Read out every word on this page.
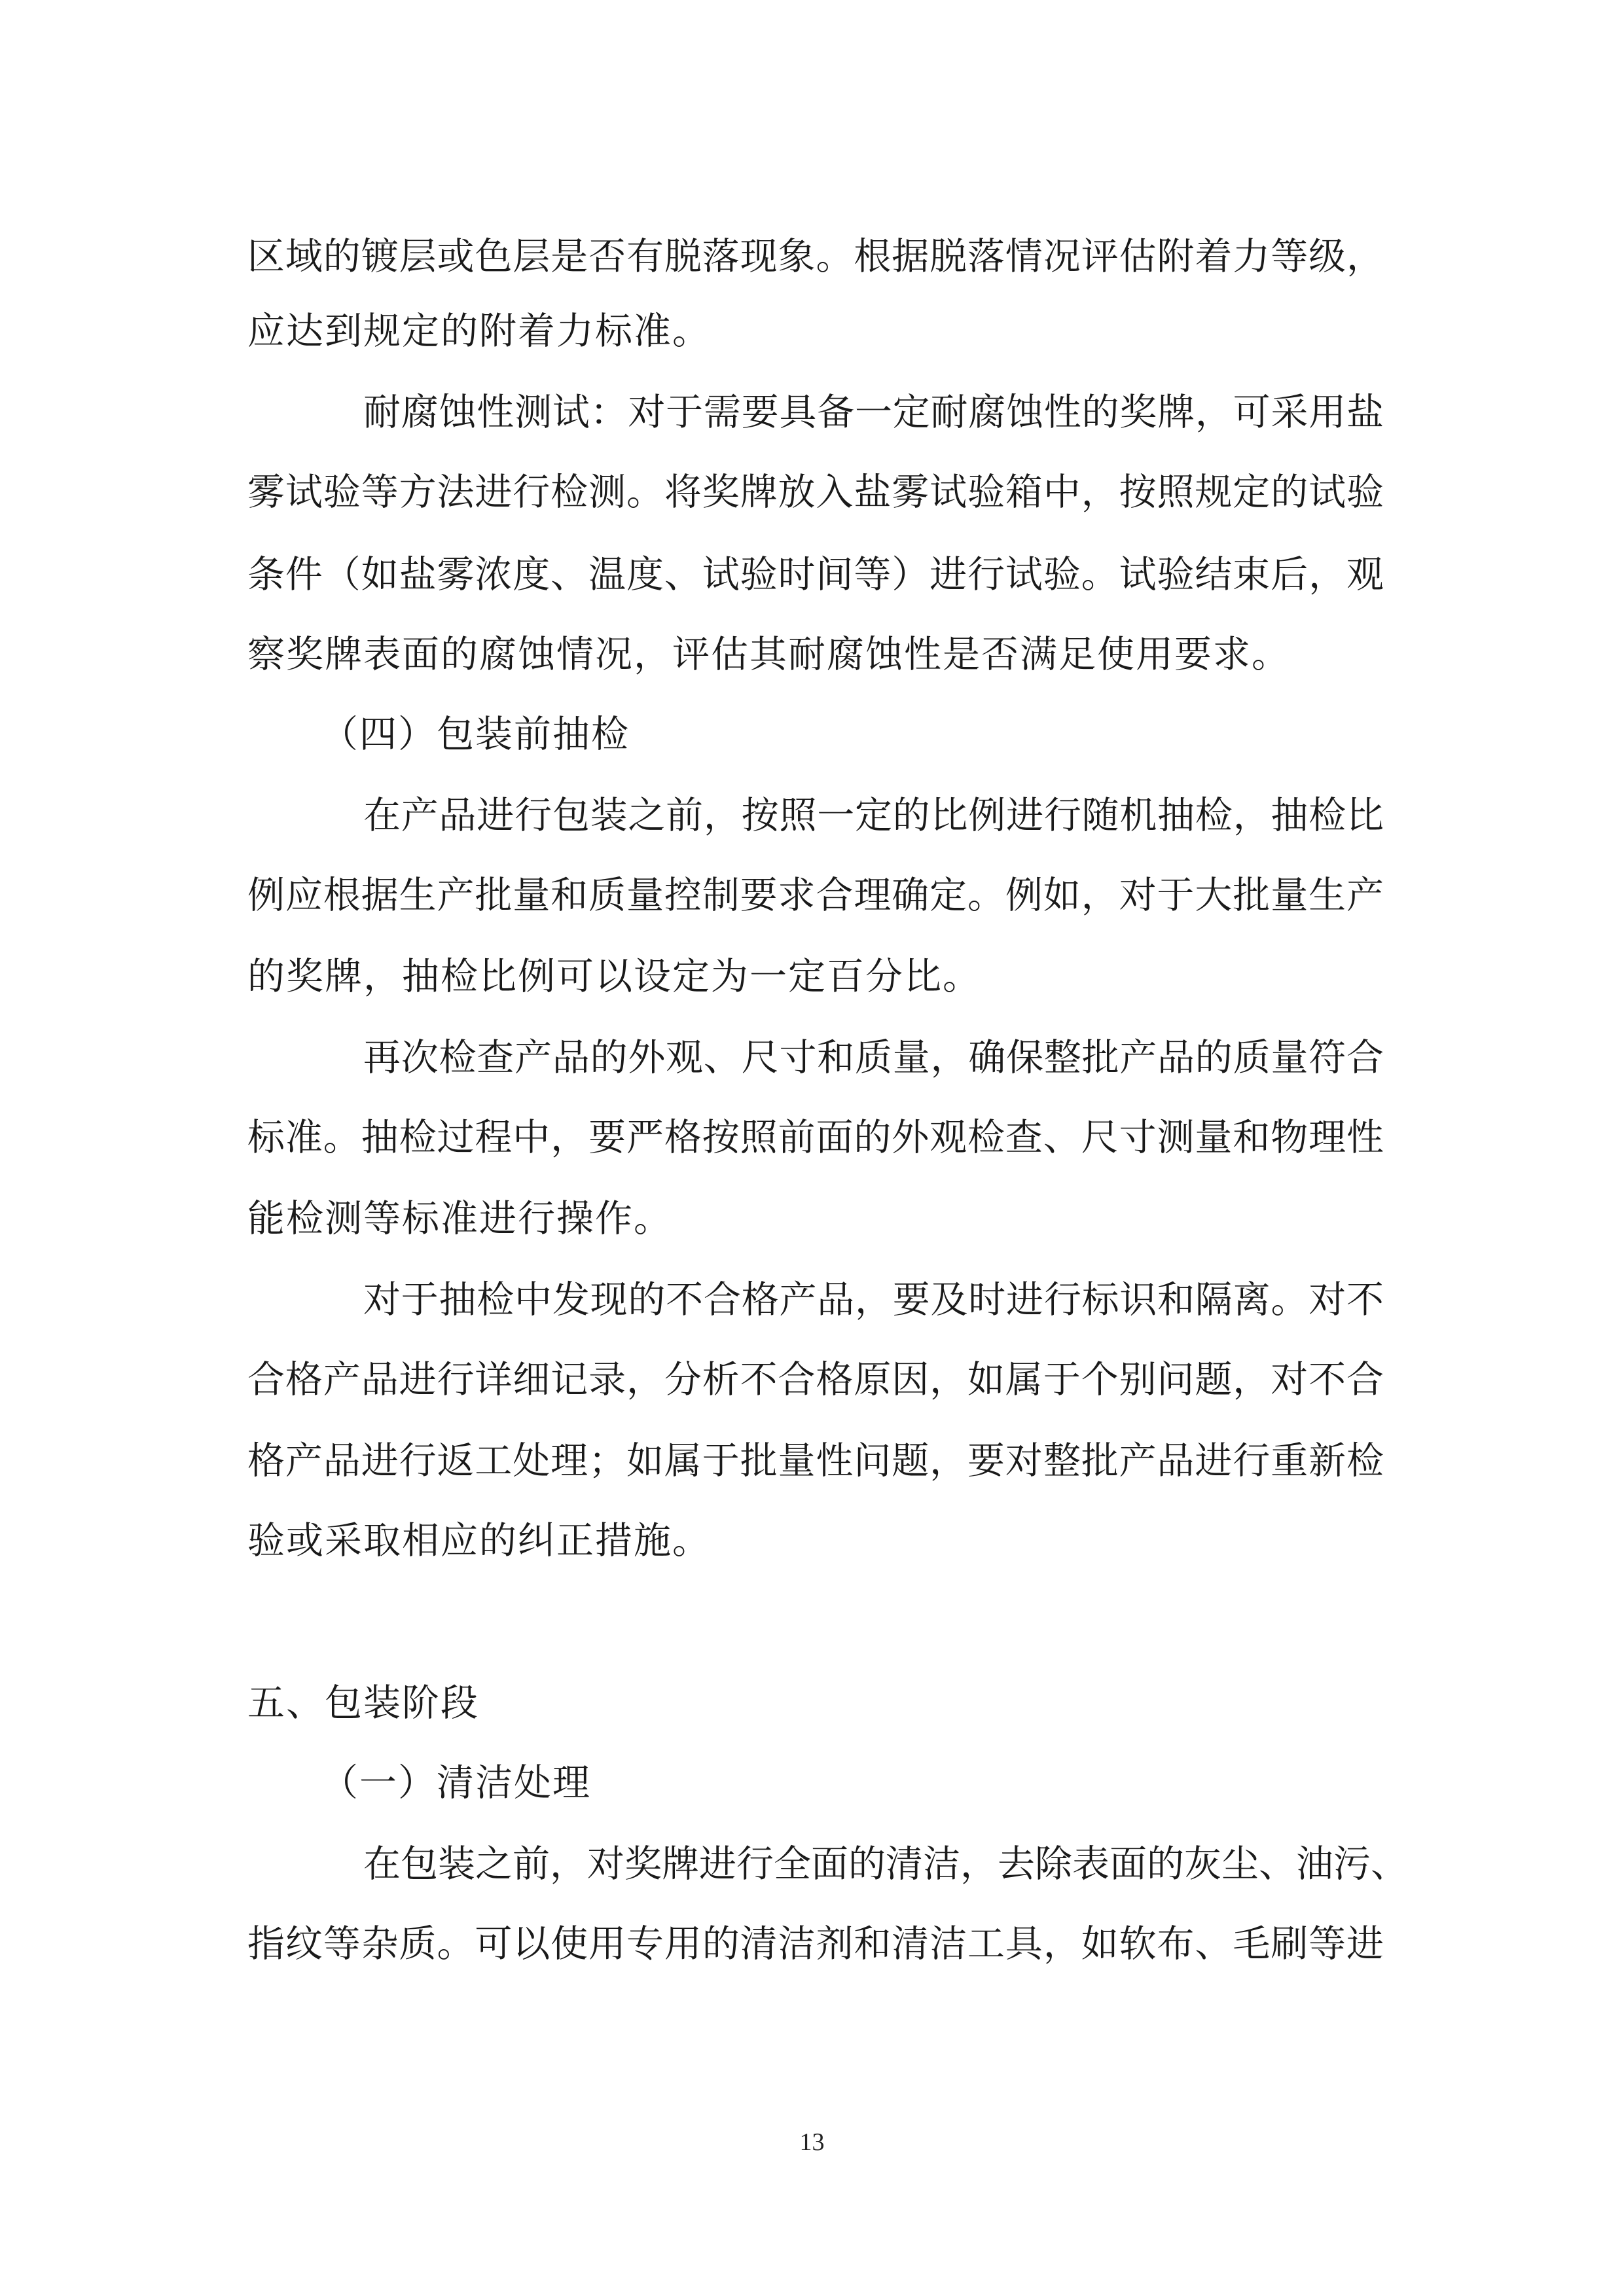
区域的镀层或色层是否有脱落现象。根据脱落情况评估附着力等级，
应达到规定的附着力标准。
耐腐蚀性测试：对于需要具备一定耐腐蚀性的奖牌，可采用盐
雾试验等方法进行检测。将奖牌放入盐雾试验箱中，按照规定的试验
条件（如盐雾浓度、温度、试验时间等）进行试验。试验结束后，观
察奖牌表面的腐蚀情况，评估其耐腐蚀性是否满足使用要求。
（四）包装前抽检
在产品进行包装之前，按照一定的比例进行随机抽检，抽检比
例应根据生产批量和质量控制要求合理确定。例如，对于大批量生产
的奖牌，抽检比例可以设定为一定百分比。
再次检查产品的外观、尺寸和质量，确保整批产品的质量符合
标准。抽检过程中，要严格按照前面的外观检查、尺寸测量和物理性
能检测等标准进行操作。
对于抽检中发现的不合格产品，要及时进行标识和隔离。对不
合格产品进行详细记录，分析不合格原因，如属于个别问题，对不合
格产品进行返工处理；如属于批量性问题，要对整批产品进行重新检
验或采取相应的纠正措施。
五、包装阶段
（一）清洁处理
在包装之前，对奖牌进行全面的清洁，去除表面的灰尘、油污、
指纹等杂质。可以使用专用的清洁剂和清洁工具，如软布、毛刷等进
13
